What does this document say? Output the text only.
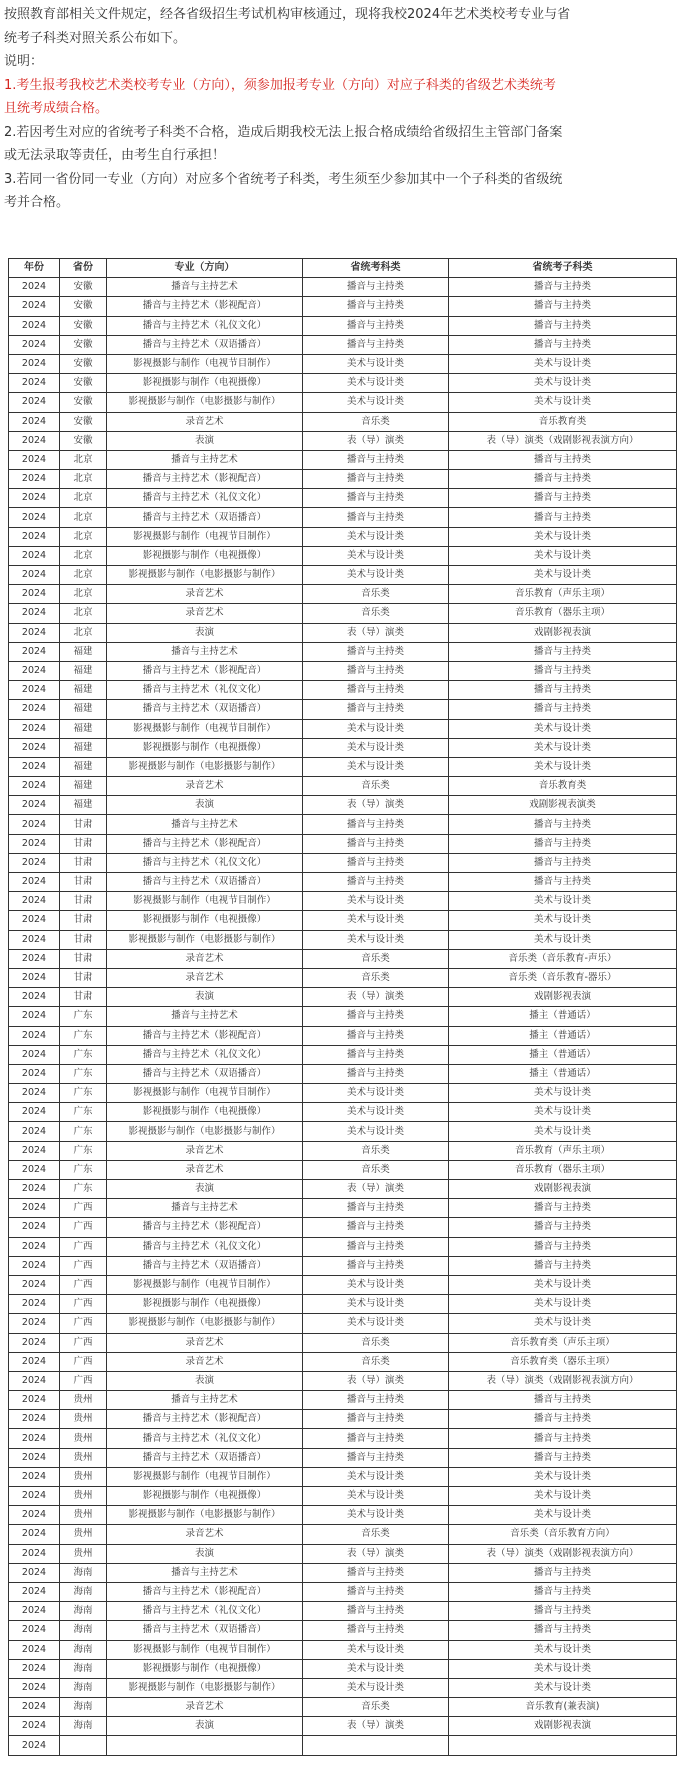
按照教育部相关文件规定，经各省级招生考试机构审核通过，现将我校2024年艺术类校考专业与省

统考子科类对照关系公布如下。

说明：

1.考生报考我校艺术类校考专业（方向），须参加报考专业（方向）对应子科类的省级艺术类统考

且统考成绩合格。

2.若因考生对应的省统考子科类不合格，造成后期我校无法上报合格成绩给省级招生主管部门备案

或无法录取等责任，由考生自行承担！

3.若同一省份同一专业（方向）对应多个省统考子科类，考生须至少参加其中一个子科类的省级统

考并合格。

年份	省份	专业（方向）	省统考科类	省统考子科类
2024	安徽	播音与主持艺术	播音与主持类	播音与主持类
2024	安徽	播音与主持艺术（影视配音）	播音与主持类	播音与主持类
2024	安徽	播音与主持艺术（礼仪文化）	播音与主持类	播音与主持类
2024	安徽	播音与主持艺术（双语播音）	播音与主持类	播音与主持类
2024	安徽	影视摄影与制作（电视节目制作）	美术与设计类	美术与设计类
2024	安徽	影视摄影与制作（电视摄像）	美术与设计类	美术与设计类
2024	安徽	影视摄影与制作（电影摄影与制作）	美术与设计类	美术与设计类
2024	安徽	录音艺术	音乐类	音乐教育类
2024	安徽	表演	表（导）演类	表（导）演类（戏剧影视表演方向）
2024	北京	播音与主持艺术	播音与主持类	播音与主持类
2024	北京	播音与主持艺术（影视配音）	播音与主持类	播音与主持类
2024	北京	播音与主持艺术（礼仪文化）	播音与主持类	播音与主持类
2024	北京	播音与主持艺术（双语播音）	播音与主持类	播音与主持类
2024	北京	影视摄影与制作（电视节目制作）	美术与设计类	美术与设计类
2024	北京	影视摄影与制作（电视摄像）	美术与设计类	美术与设计类
2024	北京	影视摄影与制作（电影摄影与制作）	美术与设计类	美术与设计类
2024	北京	录音艺术	音乐类	音乐教育（声乐主项）
2024	北京	录音艺术	音乐类	音乐教育（器乐主项）
2024	北京	表演	表（导）演类	戏剧影视表演
2024	福建	播音与主持艺术	播音与主持类	播音与主持类
2024	福建	播音与主持艺术（影视配音）	播音与主持类	播音与主持类
2024	福建	播音与主持艺术（礼仪文化）	播音与主持类	播音与主持类
2024	福建	播音与主持艺术（双语播音）	播音与主持类	播音与主持类
2024	福建	影视摄影与制作（电视节目制作）	美术与设计类	美术与设计类
2024	福建	影视摄影与制作（电视摄像）	美术与设计类	美术与设计类
2024	福建	影视摄影与制作（电影摄影与制作）	美术与设计类	美术与设计类
2024	福建	录音艺术	音乐类	音乐教育类
2024	福建	表演	表（导）演类	戏剧影视表演类
2024	甘肃	播音与主持艺术	播音与主持类	播音与主持类
2024	甘肃	播音与主持艺术（影视配音）	播音与主持类	播音与主持类
2024	甘肃	播音与主持艺术（礼仪文化）	播音与主持类	播音与主持类
2024	甘肃	播音与主持艺术（双语播音）	播音与主持类	播音与主持类
2024	甘肃	影视摄影与制作（电视节目制作）	美术与设计类	美术与设计类
2024	甘肃	影视摄影与制作（电视摄像）	美术与设计类	美术与设计类
2024	甘肃	影视摄影与制作（电影摄影与制作）	美术与设计类	美术与设计类
2024	甘肃	录音艺术	音乐类	音乐类（音乐教育-声乐）
2024	甘肃	录音艺术	音乐类	音乐类（音乐教育-器乐）
2024	甘肃	表演	表（导）演类	戏剧影视表演
2024	广东	播音与主持艺术	播音与主持类	播主（普通话）
2024	广东	播音与主持艺术（影视配音）	播音与主持类	播主（普通话）
2024	广东	播音与主持艺术（礼仪文化）	播音与主持类	播主（普通话）
2024	广东	播音与主持艺术（双语播音）	播音与主持类	播主（普通话）
2024	广东	影视摄影与制作（电视节目制作）	美术与设计类	美术与设计类
2024	广东	影视摄影与制作（电视摄像）	美术与设计类	美术与设计类
2024	广东	影视摄影与制作（电影摄影与制作）	美术与设计类	美术与设计类
2024	广东	录音艺术	音乐类	音乐教育（声乐主项）
2024	广东	录音艺术	音乐类	音乐教育（器乐主项）
2024	广东	表演	表（导）演类	戏剧影视表演
2024	广西	播音与主持艺术	播音与主持类	播音与主持类
2024	广西	播音与主持艺术（影视配音）	播音与主持类	播音与主持类
2024	广西	播音与主持艺术（礼仪文化）	播音与主持类	播音与主持类
2024	广西	播音与主持艺术（双语播音）	播音与主持类	播音与主持类
2024	广西	影视摄影与制作（电视节目制作）	美术与设计类	美术与设计类
2024	广西	影视摄影与制作（电视摄像）	美术与设计类	美术与设计类
2024	广西	影视摄影与制作（电影摄影与制作）	美术与设计类	美术与设计类
2024	广西	录音艺术	音乐类	音乐教育类（声乐主项）
2024	广西	录音艺术	音乐类	音乐教育类（器乐主项）
2024	广西	表演	表（导）演类	表（导）演类（戏剧影视表演方向）
2024	贵州	播音与主持艺术	播音与主持类	播音与主持类
2024	贵州	播音与主持艺术（影视配音）	播音与主持类	播音与主持类
2024	贵州	播音与主持艺术（礼仪文化）	播音与主持类	播音与主持类
2024	贵州	播音与主持艺术（双语播音）	播音与主持类	播音与主持类
2024	贵州	影视摄影与制作（电视节目制作）	美术与设计类	美术与设计类
2024	贵州	影视摄影与制作（电视摄像）	美术与设计类	美术与设计类
2024	贵州	影视摄影与制作（电影摄影与制作）	美术与设计类	美术与设计类
2024	贵州	录音艺术	音乐类	音乐类（音乐教育方向）
2024	贵州	表演	表（导）演类	表（导）演类（戏剧影视表演方向）
2024	海南	播音与主持艺术	播音与主持类	播音与主持类
2024	海南	播音与主持艺术（影视配音）	播音与主持类	播音与主持类
2024	海南	播音与主持艺术（礼仪文化）	播音与主持类	播音与主持类
2024	海南	播音与主持艺术（双语播音）	播音与主持类	播音与主持类
2024	海南	影视摄影与制作（电视节目制作）	美术与设计类	美术与设计类
2024	海南	影视摄影与制作（电视摄像）	美术与设计类	美术与设计类
2024	海南	影视摄影与制作（电影摄影与制作）	美术与设计类	美术与设计类
2024	海南	录音艺术	音乐类	音乐教育(兼表演)
2024	海南	表演	表（导）演类	戏剧影视表演
2024				
